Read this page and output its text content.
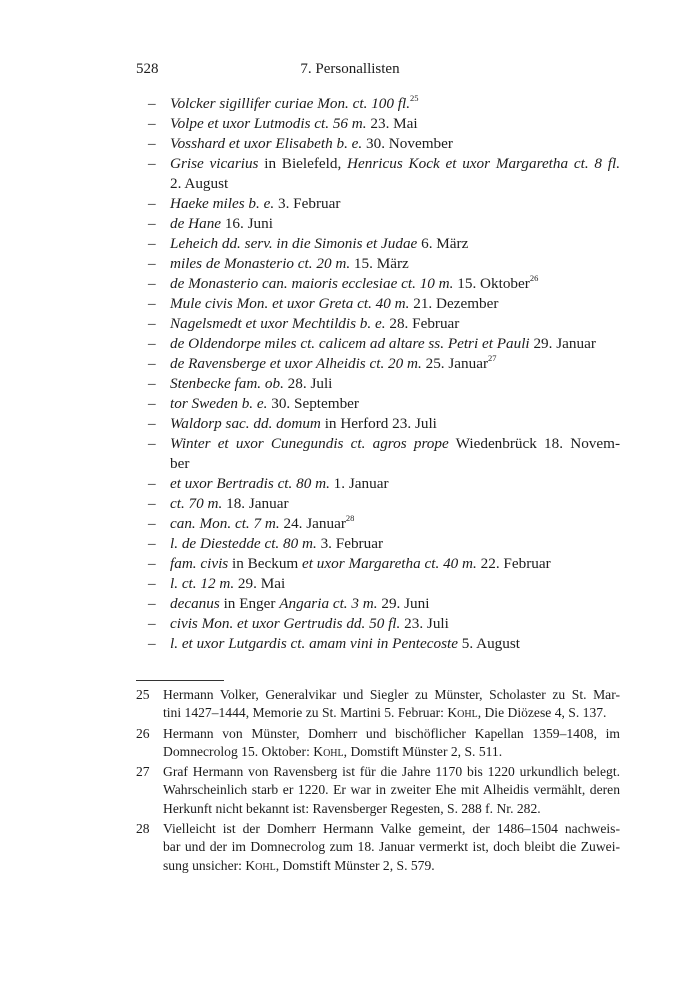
528	7. Personallisten
– Volcker sigillifer curiae Mon. ct. 100 fl.$^{25}$
– Volpe et uxor Lutmodis ct. 56 m. 23. Mai
– Vosshard et uxor Elisabeth b. e. 30. November
– Grise vicarius in Bielefeld, Henricus Kock et uxor Margaretha ct. 8 fl.
2. August
– Haeke miles b. e. 3. Februar
– de Hane 16. Juni
– Leheich dd. serv. in die Simonis et Judae 6. März
– miles de Monasterio ct. 20 m. 15. März
– de Monasterio can. maioris ecclesiae ct. 10 m. 15. Oktober$^{26}$
– Mule civis Mon. et uxor Greta ct. 40 m. 21. Dezember
– Nagelsmedt et uxor Mechtildis b. e. 28. Februar
– de Oldendorpe miles ct. calicem ad altare ss. Petri et Pauli 29. Januar
– de Ravensberge et uxor Alheidis ct. 20 m. 25. Januar$^{27}$
– Stenbecke fam. ob. 28. Juli
– tor Sweden b. e. 30. September
– Waldorp sac. dd. domum in Herford 23. Juli
– Winter et uxor Cunegundis ct. agros prope Wiedenbrück 18. Novem-
ber
– et uxor Bertradis ct. 80 m. 1. Januar
– ct. 70 m. 18. Januar
– can. Mon. ct. 7 m. 24. Januar$^{28}$
– l. de Diestedde ct. 80 m. 3. Februar
– fam. civis in Beckum et uxor Margaretha ct. 40 m. 22. Februar
– l. ct. 12 m. 29. Mai
– decanus in Enger Angaria ct. 3 m. 29. Juni
– civis Mon. et uxor Gertrudis dd. 50 fl. 23. Juli
– l. et uxor Lutgardis ct. amam vini in Pentecoste 5. August
25 Hermann Volker, Generalvikar und Siegler zu Münster, Scholaster zu St. Mar-
tini 1427–1444, Memorie zu St. Martini 5. Februar: Kohl, Die Diözese 4, S. 137.
26 Hermann von Münster, Domherr und bischöflicher Kapellan 1359–1408, im
Domnecrolog 15. Oktober: Kohl, Domstift Münster 2, S. 511.
27 Graf Hermann von Ravensberg ist für die Jahre 1170 bis 1220 urkundlich belegt.
Wahrscheinlich starb er 1220. Er war in zweiter Ehe mit Alheidis vermählt, deren
Herkunft nicht bekannt ist: Ravensberger Regesten, S. 288 f. Nr. 282.
28 Vielleicht ist der Domherr Hermann Valke gemeint, der 1486–1504 nachweis-
bar und der im Domnecrolog zum 18. Januar vermerkt ist, doch bleibt die Zuwei-
sung unsicher: Kohl, Domstift Münster 2, S. 579.
